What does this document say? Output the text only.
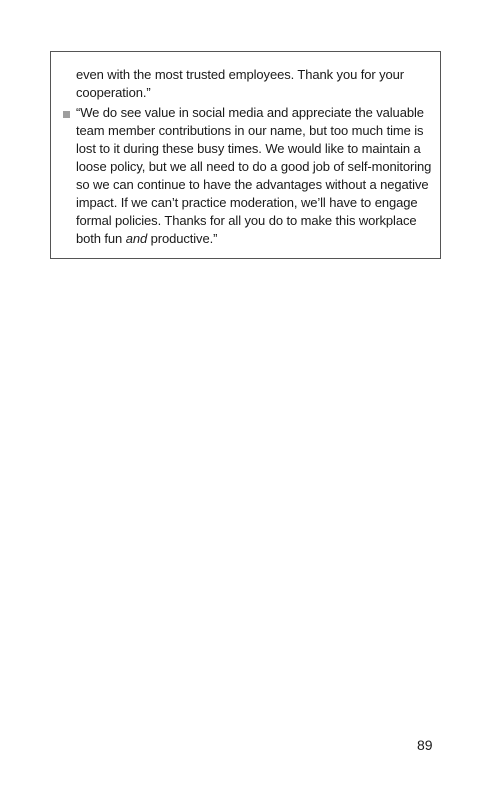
even with the most trusted employees. Thank you for your cooperation.”

“We do see value in social media and appreciate the valuable team member contributions in our name, but too much time is lost to it during these busy times. We would like to maintain a loose policy, but we all need to do a good job of self-monitoring so we can continue to have the advantages without a negative impact. If we can’t practice moderation, we’ll have to engage formal policies. Thanks for all you do to make this workplace both fun and productive.”

89
